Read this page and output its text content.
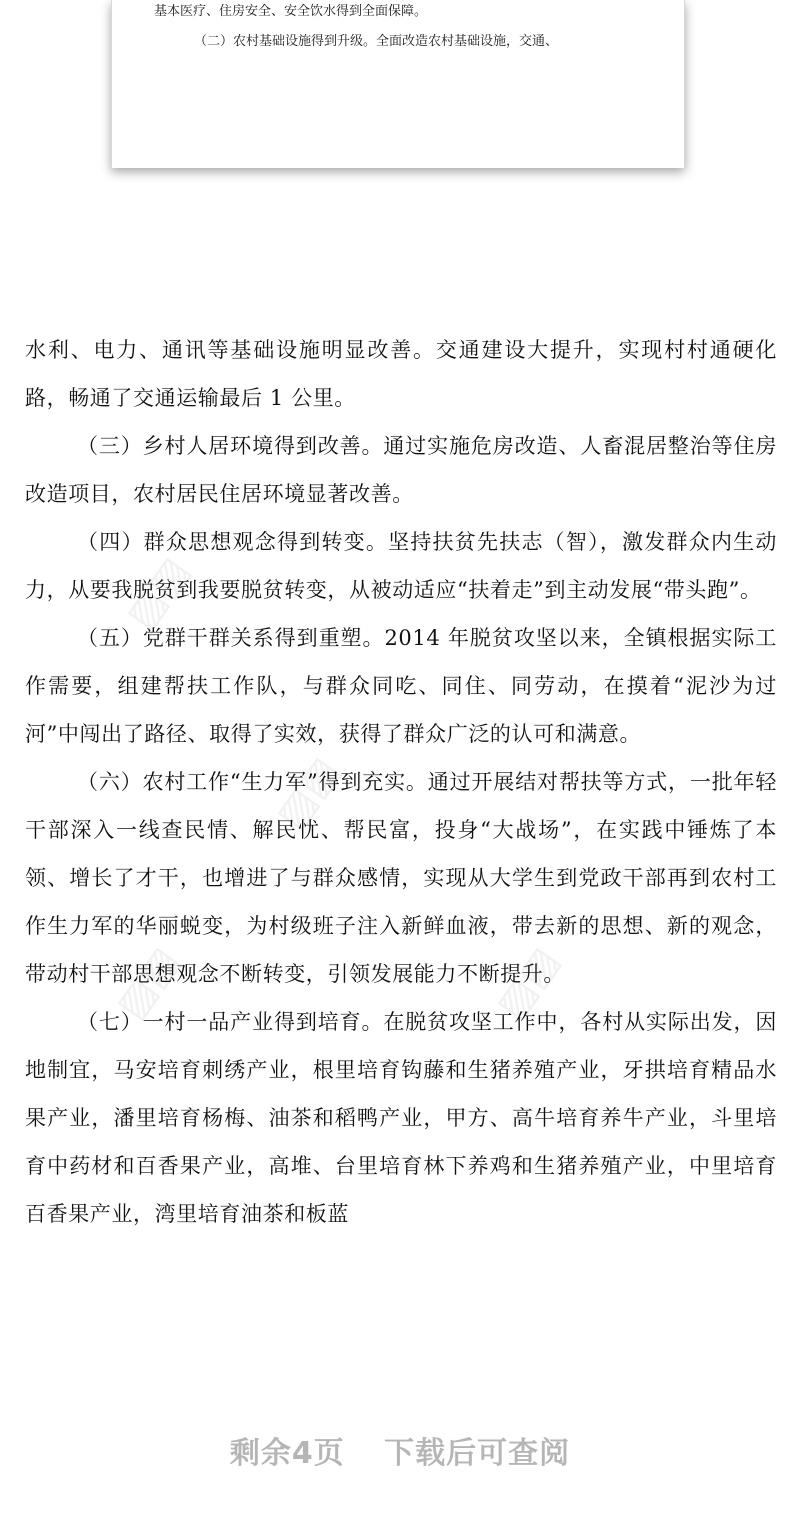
基本医疗、住房安全、安全饮水得到全面保障。
（二）农村基础设施得到升级。全面改造农村基础设施，交通、
▨▨
▨▨
▨▨	▨▨

水利、电力、通讯等基础设施明显改善。交通建设大提升，实现村村通硬化路，畅通了交通运输最后 1 公里。

（三）乡村人居环境得到改善。通过实施危房改造、人畜混居整治等住房改造项目，农村居民住居环境显著改善。

（四）群众思想观念得到转变。坚持扶贫先扶志（智），激发群众内生动力，从要我脱贫到我要脱贫转变，从被动适应“扶着走”到主动发展“带头跑”。

（五）党群干群关系得到重塑。2014 年脱贫攻坚以来，全镇根据实际工作需要，组建帮扶工作队，与群众同吃、同住、同劳动，在摸着“泥沙为过河”中闯出了路径、取得了实效，获得了群众广泛的认可和满意。

（六）农村工作“生力军”得到充实。通过开展结对帮扶等方式，一批年轻干部深入一线查民情、解民忧、帮民富，投身“大战场”，在实践中锤炼了本领、增长了才干，也增进了与群众感情，实现从大学生到党政干部再到农村工作生力军的华丽蜕变，为村级班子注入新鲜血液，带去新的思想、新的观念，带动村干部思想观念不断转变，引领发展能力不断提升。

（七）一村一品产业得到培育。在脱贫攻坚工作中，各村从实际出发，因地制宜，马安培育刺绣产业，根里培育钩藤和生猪养殖产业，牙拱培育精品水果产业，潘里培育杨梅、油茶和稻鸭产业，甲方、高牛培育养牛产业，斗里培育中药材和百香果产业，高堆、台里培育林下养鸡和生猪养殖产业，中里培育百香果产业，湾里培育油茶和板蓝

剩余4页 下载后可查阅
